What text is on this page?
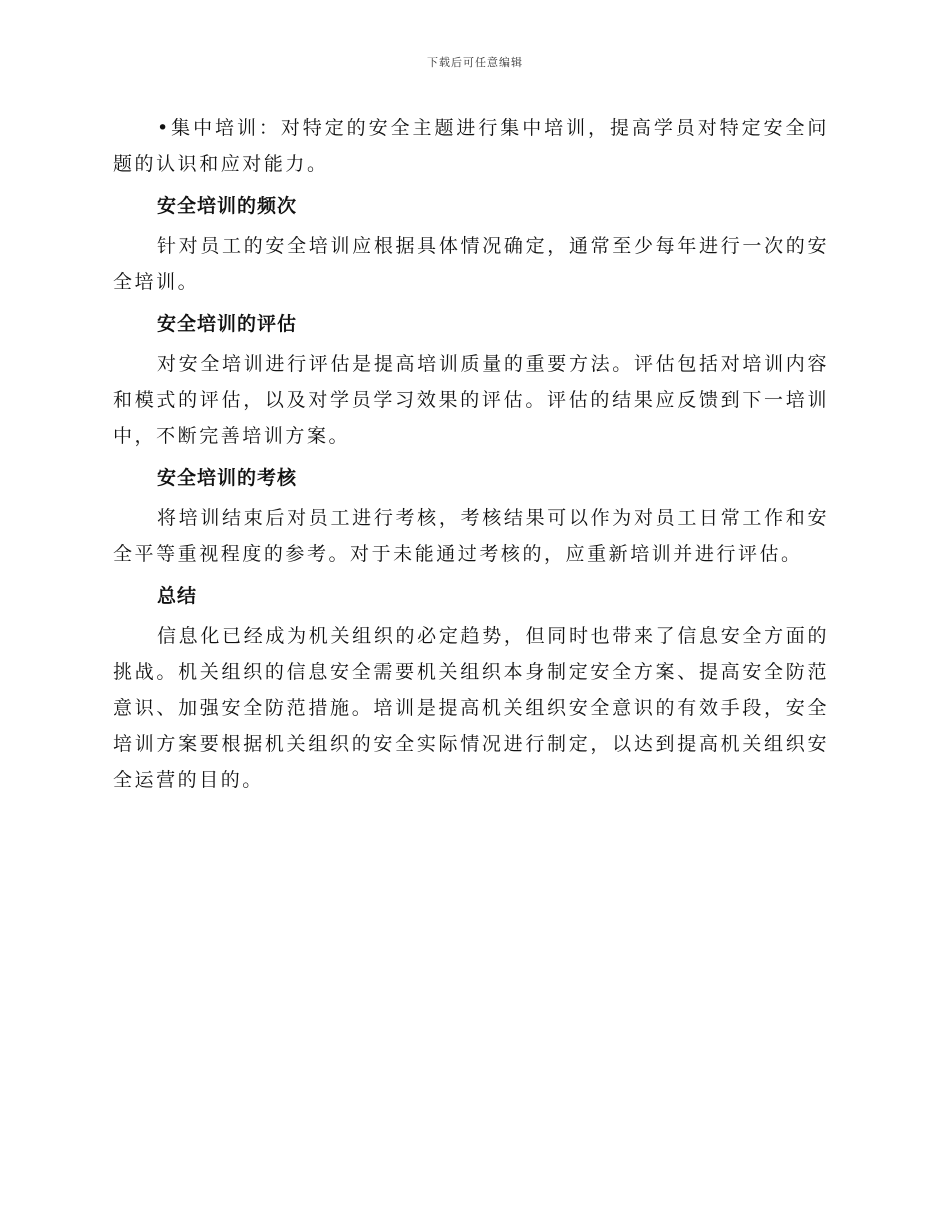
下载后可任意编辑

•集中培训：对特定的安全主题进行集中培训，提高学员对特定安全问题的认识和应对能力。

安全培训的频次

针对员工的安全培训应根据具体情况确定，通常至少每年进行一次的安全培训。

安全培训的评估

对安全培训进行评估是提高培训质量的重要方法。评估包括对培训内容和模式的评估，以及对学员学习效果的评估。评估的结果应反馈到下一培训中，不断完善培训方案。

安全培训的考核

将培训结束后对员工进行考核，考核结果可以作为对员工日常工作和安全平等重视程度的参考。对于未能通过考核的，应重新培训并进行评估。

总结

信息化已经成为机关组织的必定趋势，但同时也带来了信息安全方面的挑战。机关组织的信息安全需要机关组织本身制定安全方案、提高安全防范意识、加强安全防范措施。培训是提高机关组织安全意识的有效手段，安全培训方案要根据机关组织的安全实际情况进行制定，以达到提高机关组织安全运营的目的。
